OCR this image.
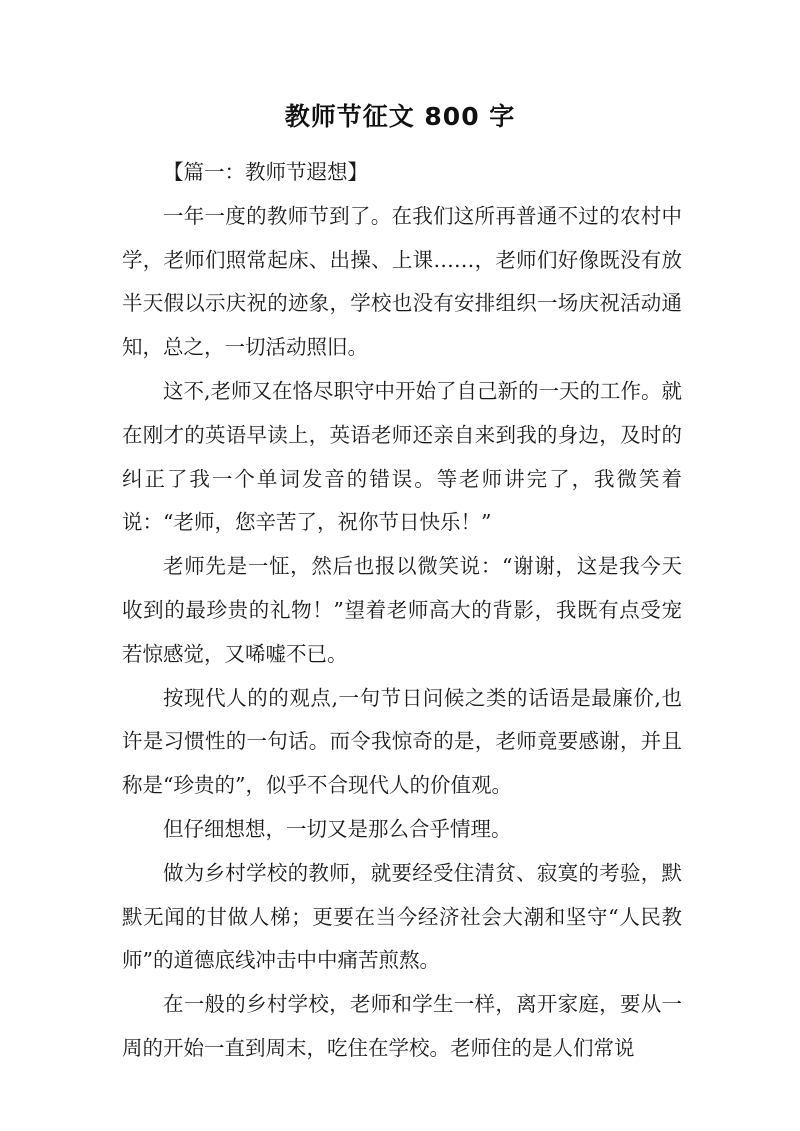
教师节征文 800 字

【篇一：教师节遐想】

一年一度的教师节到了。在我们这所再普通不过的农村中学，老师们照常起床、出操、上课……，老师们好像既没有放半天假以示庆祝的迹象，学校也没有安排组织一场庆祝活动通知，总之，一切活动照旧。

这不,老师又在恪尽职守中开始了自己新的一天的工作。就在刚才的英语早读上，英语老师还亲自来到我的身边，及时的纠正了我一个单词发音的错误。等老师讲完了，我微笑着说：“老师，您辛苦了，祝你节日快乐！”

老师先是一怔，然后也报以微笑说：“谢谢，这是我今天收到的最珍贵的礼物！”望着老师高大的背影，我既有点受宠若惊感觉，又唏嘘不已。

按现代人的的观点,一句节日问候之类的话语是最廉价,也许是习惯性的一句话。而令我惊奇的是，老师竟要感谢，并且称是“珍贵的”，似乎不合现代人的价值观。

但仔细想想，一切又是那么合乎情理。

做为乡村学校的教师，就要经受住清贫、寂寞的考验，默默无闻的甘做人梯；更要在当今经济社会大潮和坚守“人民教师”的道德底线冲击中中痛苦煎熬。

在一般的乡村学校，老师和学生一样，离开家庭，要从一周的开始一直到周末，吃住在学校。老师住的是人们常说
